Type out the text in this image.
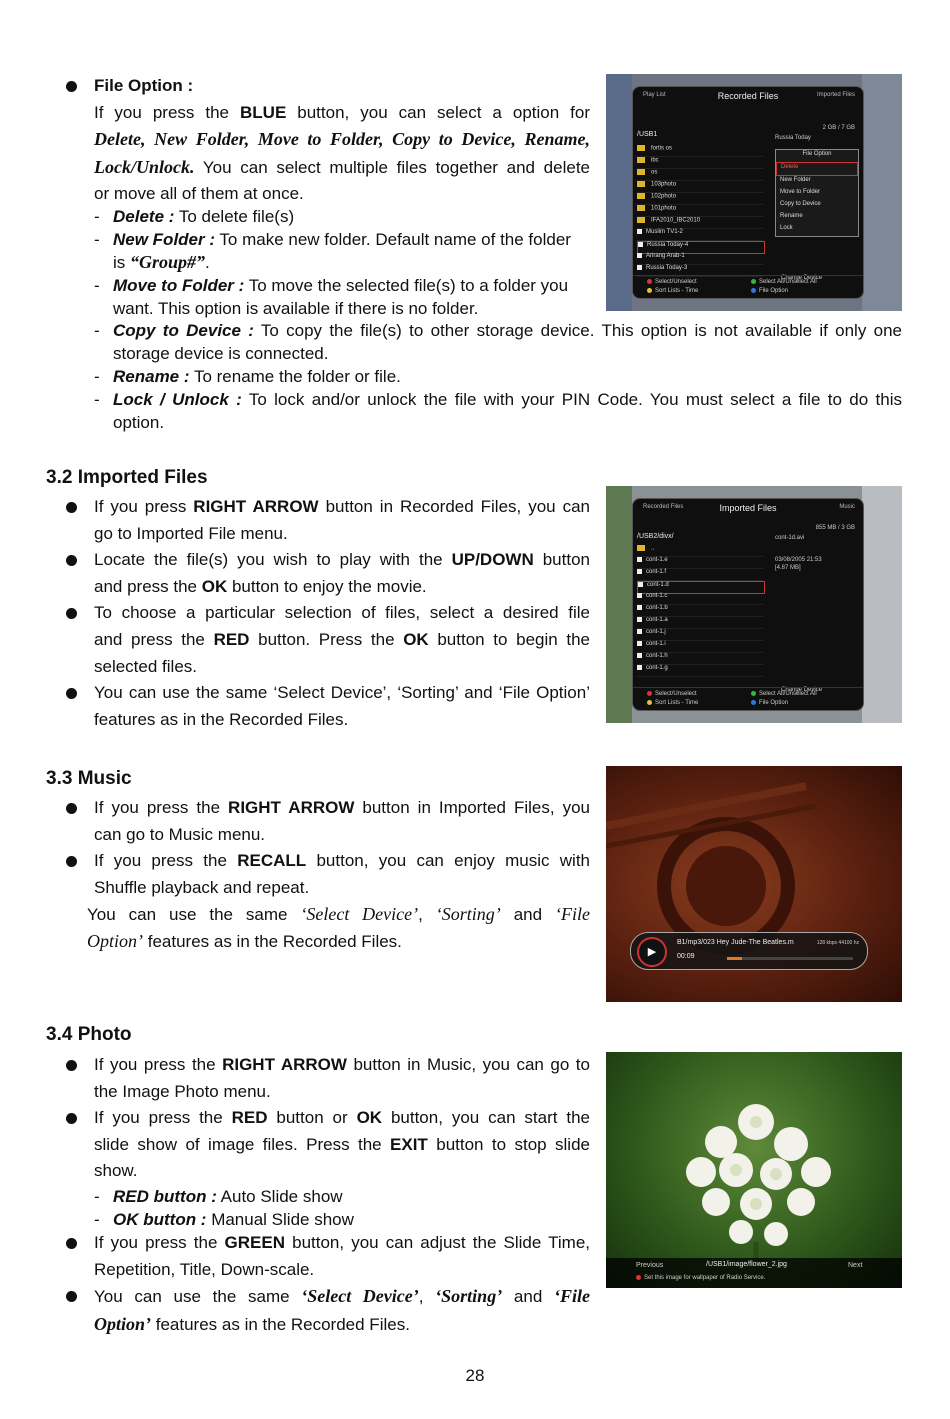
File Option :
If you press the BLUE button, you can select a option for
Delete, New Folder, Move to Folder, Copy to Device, Rename,
Lock/Unlock. You can select multiple files together and delete
or move all of them at once.
- Delete : To delete file(s)
- New Folder : To make new folder. Default name of the folder
is “Group#”.
- Move to Folder : To move the selected file(s) to a folder you
want. This option is available if there is no folder.
- Copy to Device : To copy the file(s) to other storage device. This option is not available if only one
storage device is connected.
- Rename : To rename the folder or file.
- Lock / Unlock : To lock and/or unlock the file with your PIN Code. You must select a file to do this
option.
Play List	Recorded Files	Imported Files
2 GB / 7 GB
/USB1	Russia Today
fortis os
ibc
os
103photo
102photo
101photo
IFA2010_IBC2010
Muslim TV1-2
Russia Today-4
Arirang Arab-1
Russia Today-3
File Option
Delete
New Folder
Move to Folder
Copy to Device
Rename
Lock
Change Device
Select/Unselect
Sort Lists - Time
Select All/Unselect All
File Option
3.2 Imported Files
If you press RIGHT ARROW button in Recorded Files, you can
go to Imported File menu.
Locate the file(s) you wish to play with the UP/DOWN button
and press the OK button to enjoy the movie.
To choose a particular selection of files, select a desired file
and press the RED button. Press the OK button to begin the
selected files.
You can use the same ‘Select Device’, ‘Sorting’ and ‘File Option’
features as in the Recorded Files.
Recorded Files	Imported Files	Music
855 MB / 3 GB
/USB2/divx/	cont-1d.avi
03/08/2005 21:53
[4.87 MB]
..
cont-1.e
cont-1.f
cont-1.d
cont-1.c
cont-1.b
cont-1.a
cont-1.j
cont-1.i
cont-1.h
cont-1.g
Change Device
Select/Unselect
Sort Lists - Time
Select All/Unselect All
File Option
3.3 Music
If you press the RIGHT ARROW button in Imported Files, you
can go to Music menu.
If you press the RECALL button, you can enjoy music with
Shuffle playback and repeat.
You can use the same ‘Select Device’, ‘Sorting’ and ‘File
Option’ features as in the Recorded Files.
▶
B1/mp3/023 Hey Jude-The Beatles.m	128 kbps 44100 hz
00:09
3.4 Photo
If you press the RIGHT ARROW button in Music, you can go to
the Image Photo menu.
If you press the RED button or OK button, you can start the
slide show of image files. Press the EXIT button to stop slide
show.
- RED button : Auto Slide show
- OK button : Manual Slide show
If you press the GREEN button, you can adjust the Slide Time,
Repetition, Title, Down-scale.
You can use the same ‘Select Device’, ‘Sorting’ and ‘File
Option’ features as in the Recorded Files.
Previous	/USB1/image/flower_2.jpg	Next
Set this image for wallpaper of Radio Service.
28
